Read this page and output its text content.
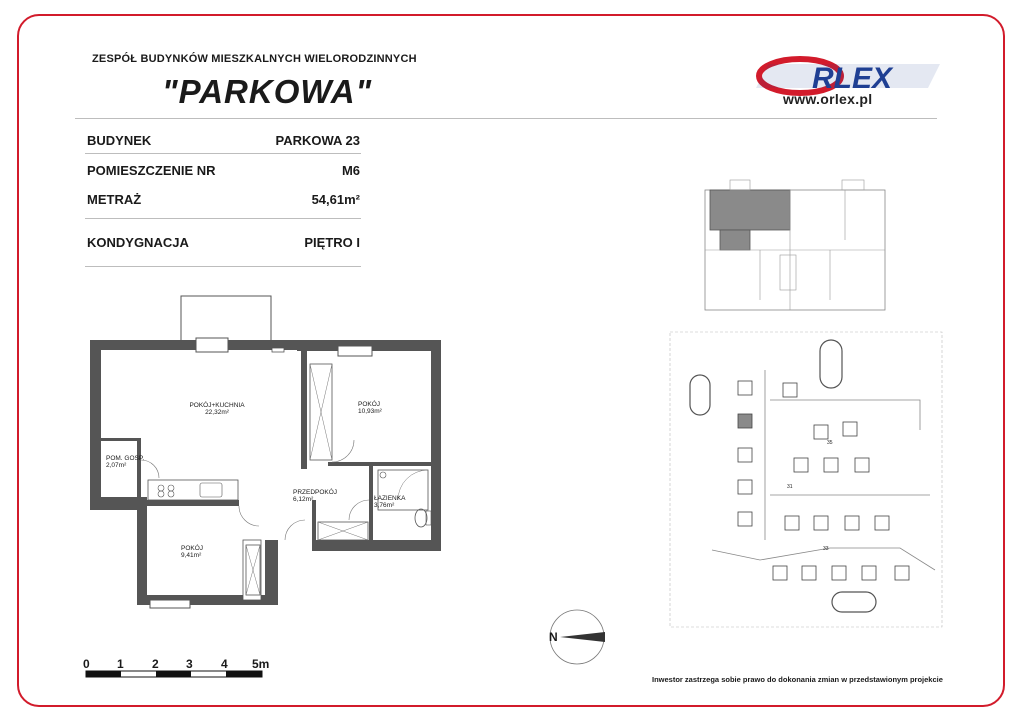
ZESPÓŁ BUDYNKÓW MIESZKALNYCH WIELORODZINNYCH
"PARKOWA"	RLEX
www.orlex.pl
BUDYNEK	PARKOWA 23
POMIESZCZENIE NR	M6
METRAŻ	54,61m²
KONDYGNACJA	PIĘTRO I
POKÓJ+KUCHNIA
22,32m²
POKÓJ
10,93m²
POM. GOSP.
2,07m²
PRZEDPOKÓJ
6,12m²	ŁAZIENKA
3,76m²
POKÓJ
9,41m²
31
33
35
N
0 1 2 3 4 5m
Inwestor zastrzega sobie prawo do dokonania zmian w przedstawionym projekcie
